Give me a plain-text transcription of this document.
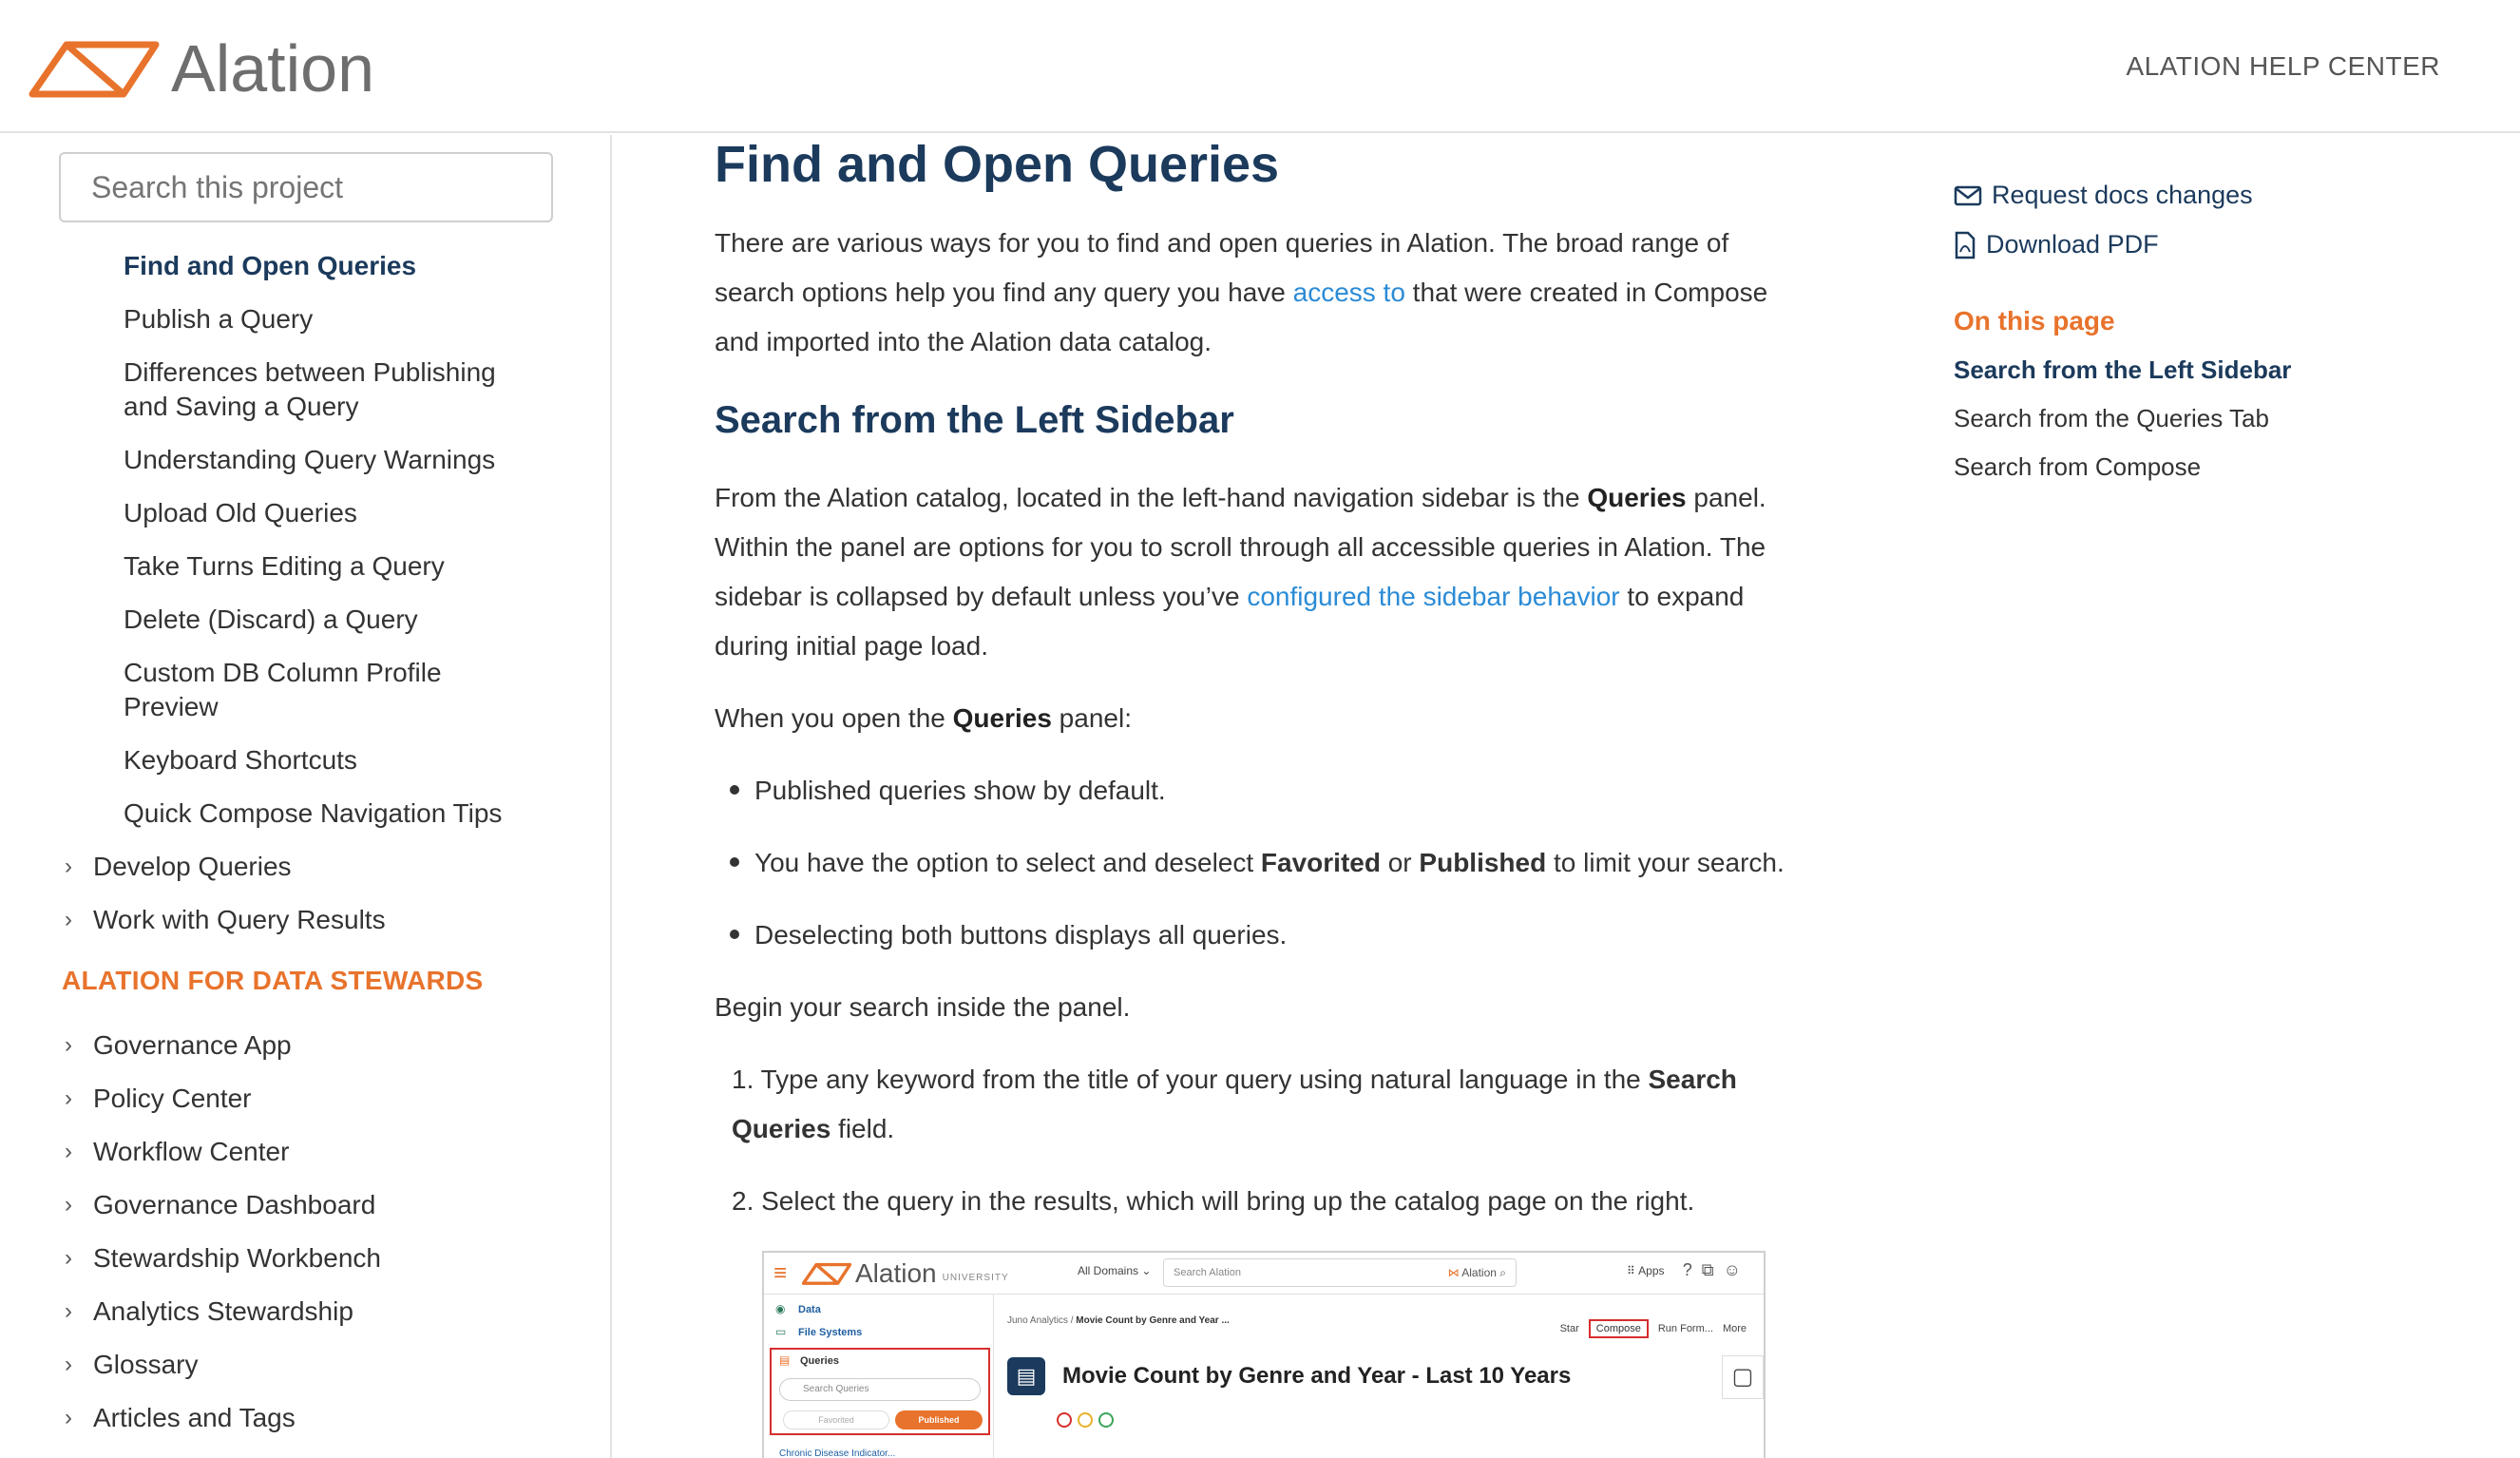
Alation	ALATION HELP CENTER
Search this project
Find and Open Queries
Publish a Query
Differences between Publishing and Saving a Query
Understanding Query Warnings
Upload Old Queries
Take Turns Editing a Query
Delete (Discard) a Query
Custom DB Column Profile Preview
Keyboard Shortcuts
Quick Compose Navigation Tips
› Develop Queries
› Work with Query Results
ALATION FOR DATA STEWARDS
› Governance App
› Policy Center
› Workflow Center
› Governance Dashboard
› Stewardship Workbench
› Analytics Stewardship
› Glossary
› Articles and Tags
Find and Open Queries

There are various ways for you to find and open queries in Alation. The broad range of search options help you find any query you have access to that were created in Compose and imported into the Alation data catalog.

Search from the Left Sidebar

From the Alation catalog, located in the left-hand navigation sidebar is the Queries panel. Within the panel are options for you to scroll through all accessible queries in Alation. The sidebar is collapsed by default unless you’ve configured the sidebar behavior to expand during initial page load.

When you open the Queries panel:

Published queries show by default.
You have the option to select and deselect Favorited or Published to limit your search.
Deselecting both buttons displays all queries.

Begin your search inside the panel.

1. Type any keyword from the title of your query using natural language in the Search Queries field.

2. Select the query in the results, which will bring up the catalog page on the right.

≡	Alation UNIVERSITY	All Domains ⌄	Search Alation	⋈ Alation ⌕	⠿ Apps ?⧉☺
◉ Data
▭ File Systems
▤ Queries
Search Queries
Favorited	Published
Chronic Disease Indicator...
Juno Analytics / Movie Count by Genre and Year ...
Star	Compose	Run Form... More
▤	Movie Count by Genre and Year - Last 10 Years	▢
Request docs changes
Download PDF
On this page
Search from the Left Sidebar
Search from the Queries Tab
Search from Compose
